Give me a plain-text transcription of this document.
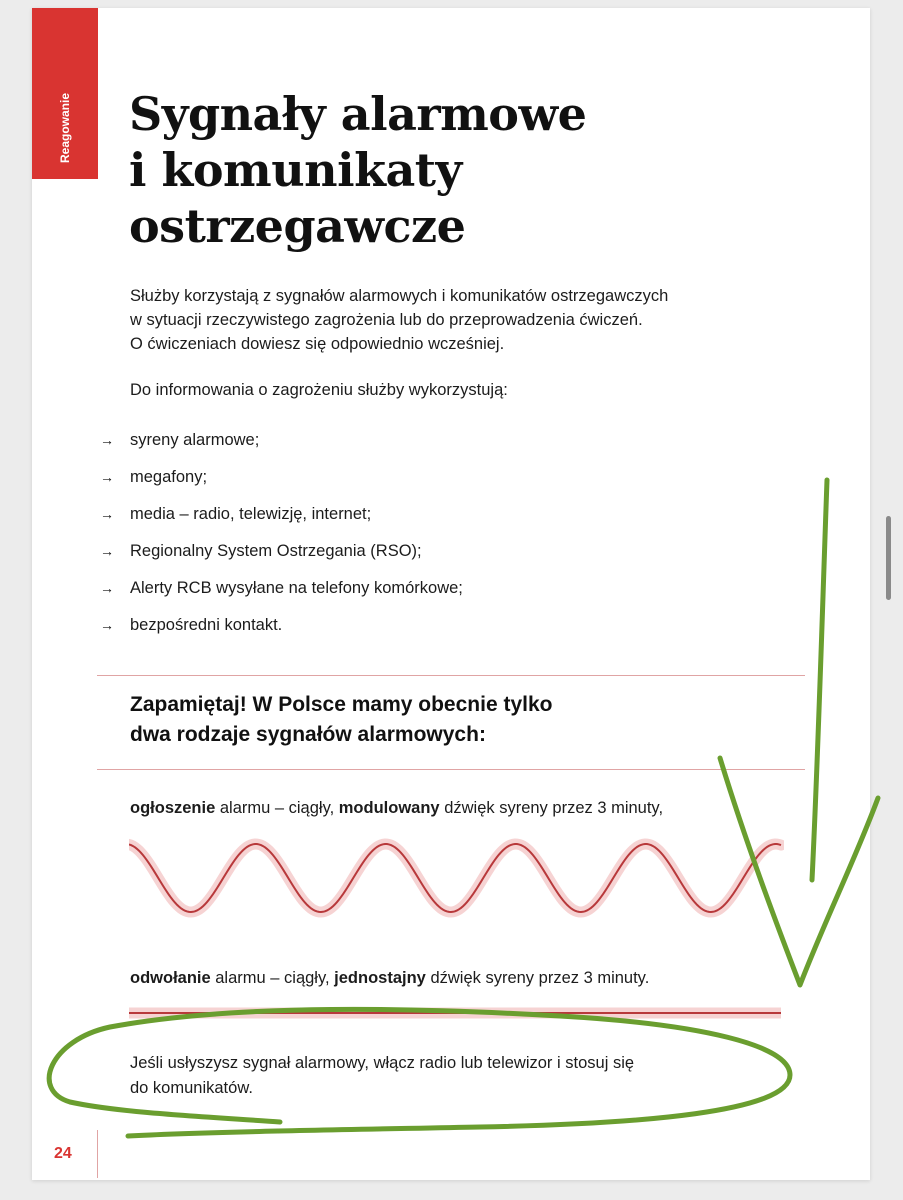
Reagowanie Sygnały alarmowe
i komunikaty
ostrzegawcze

Służby korzystają z sygnałów alarmowych i komunikatów ostrzegawczych
w sytuacji rzeczywistego zagrożenia lub do przeprowadzenia ćwiczeń.
O ćwiczeniach dowiesz się odpowiednio wcześniej.

Do informowania o zagrożeniu służby wykorzystują:

→ syreny alarmowe;
→ megafony;
→ media – radio, telewizję, internet;
→ Regionalny System Ostrzegania (RSO);
→ Alerty RCB wysyłane na telefony komórkowe;
→ bezpośredni kontakt.

Zapamiętaj! W Polsce mamy obecnie tylko
dwa rodzaje sygnałów alarmowych:

ogłoszenie alarmu – ciągły, modulowany dźwięk syreny przez 3 minuty,

odwołanie alarmu – ciągły, jednostajny dźwięk syreny przez 3 minuty.

Jeśli usłyszysz sygnał alarmowy, włącz radio lub telewizor i stosuj się
do komunikatów.

24
